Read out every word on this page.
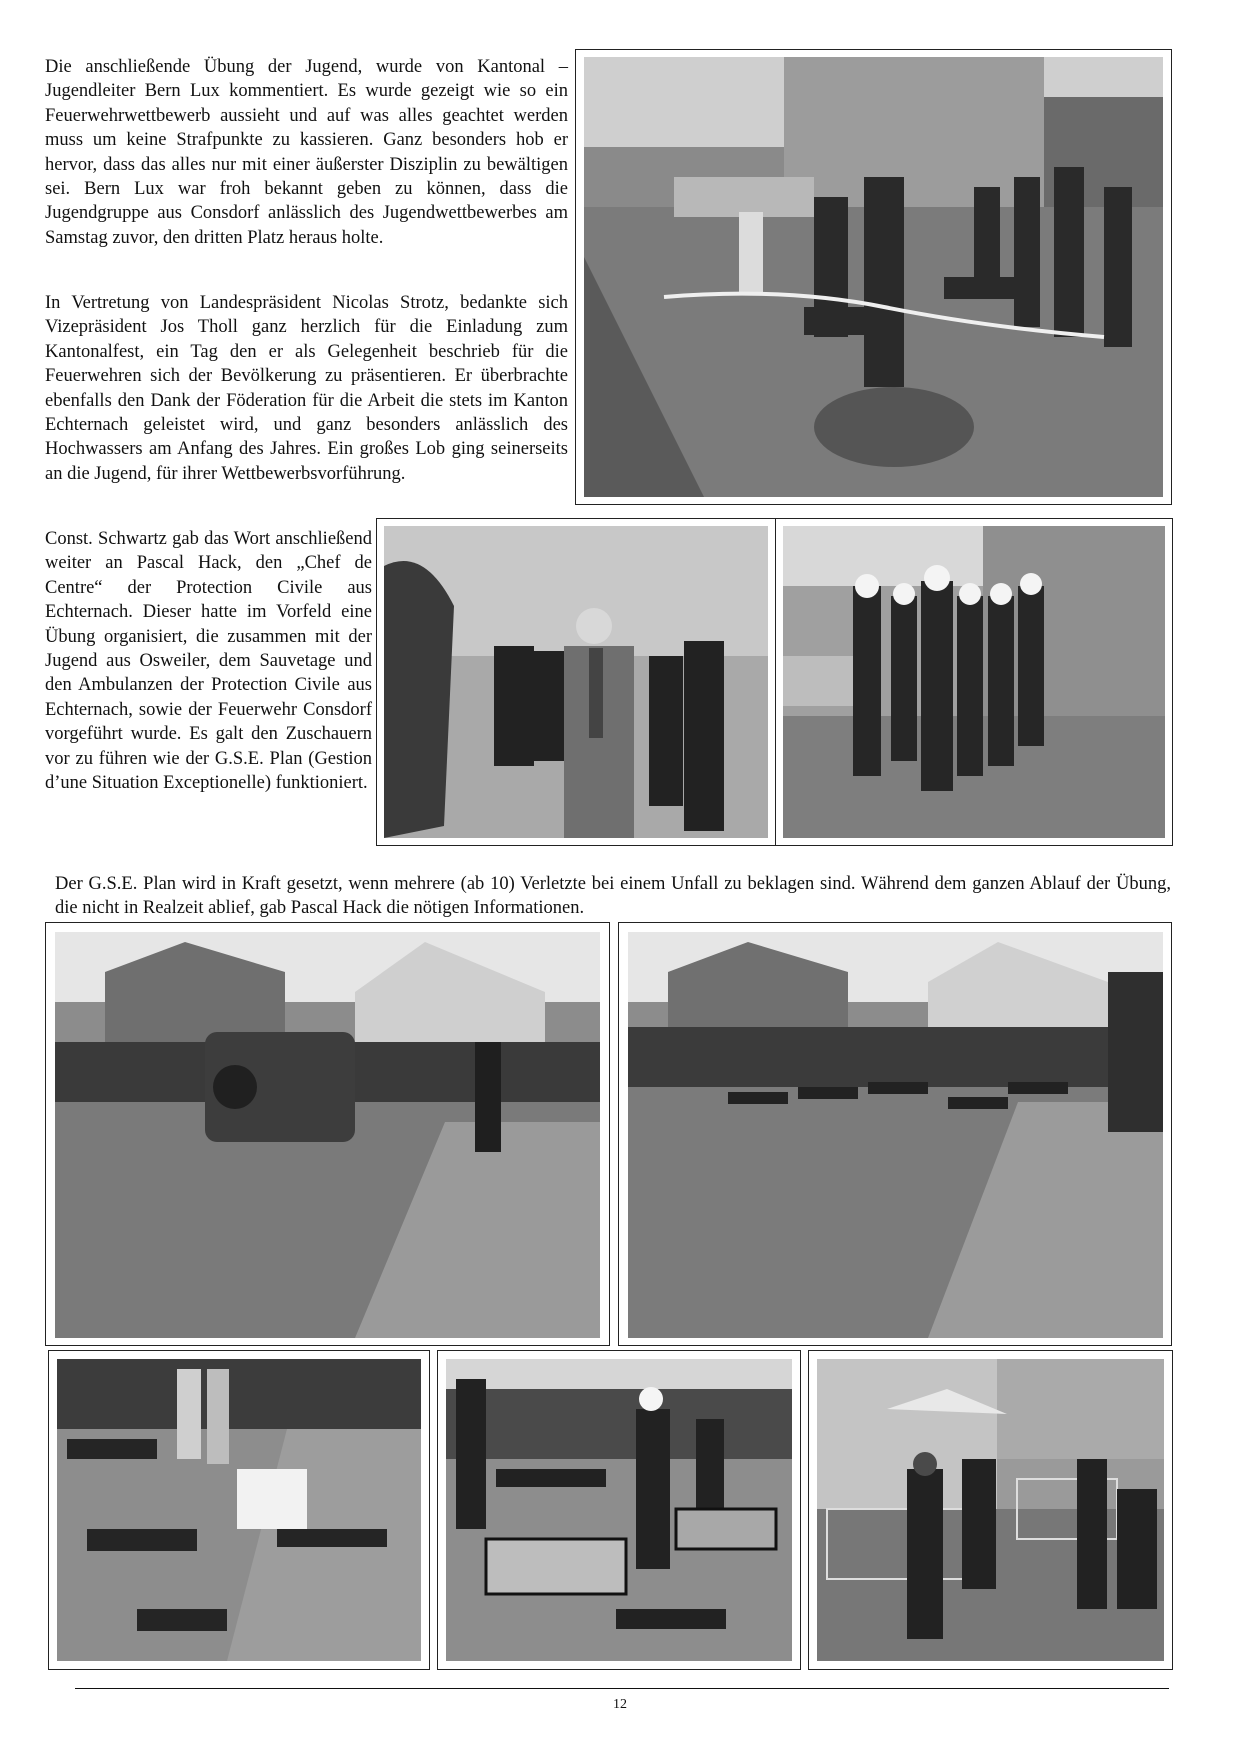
Die anschließende Übung der Jugend, wurde von Kantonal – Jugendleiter Bern Lux kommentiert. Es wurde gezeigt wie so ein Feuerwehrwettbewerb aussieht und auf was alles geachtet werden muss um keine Strafpunkte zu kassieren. Ganz besonders hob er hervor, dass das alles nur mit einer äußerster Disziplin zu bewältigen sei. Bern Lux war froh bekannt geben zu können, dass die Jugendgruppe aus Consdorf anlässlich des Jugendwettbewerbes am Samstag zuvor, den dritten Platz heraus holte.

In Vertretung von Landespräsident Nicolas Strotz, bedankte sich Vizepräsident Jos Tholl ganz herzlich für die Einladung zum Kantonalfest, ein Tag den er als Gelegenheit beschrieb für die Feuerwehren sich der Bevölkerung zu präsentieren. Er überbrachte ebenfalls den Dank der Föderation für die Arbeit die stets im Kanton Echternach geleistet wird, und ganz besonders anlässlich des Hochwassers am Anfang des Jahres. Ein großes Lob ging seinerseits an die Jugend, für ihrer Wettbewerbsvorführung.

Const. Schwartz gab das Wort anschließend weiter an Pascal Hack, den „Chef de Centre“ der Protection Civile aus Echternach. Dieser hatte im Vorfeld eine Übung organisiert, die zusammen mit der Jugend aus Osweiler, dem Sauvetage und den Ambulanzen der Protection Civile aus Echternach, sowie der Feuerwehr Consdorf vorgeführt wurde. Es galt den Zuschauern vor zu führen wie der G.S.E. Plan (Gestion d’une Situation Exceptionelle) funktioniert.

Der G.S.E. Plan wird in Kraft gesetzt, wenn mehrere (ab 10) Verletzte bei einem Unfall zu beklagen sind. Während dem ganzen Ablauf der Übung, die nicht in Realzeit ablief, gab Pascal Hack die nötigen Informationen.

12
